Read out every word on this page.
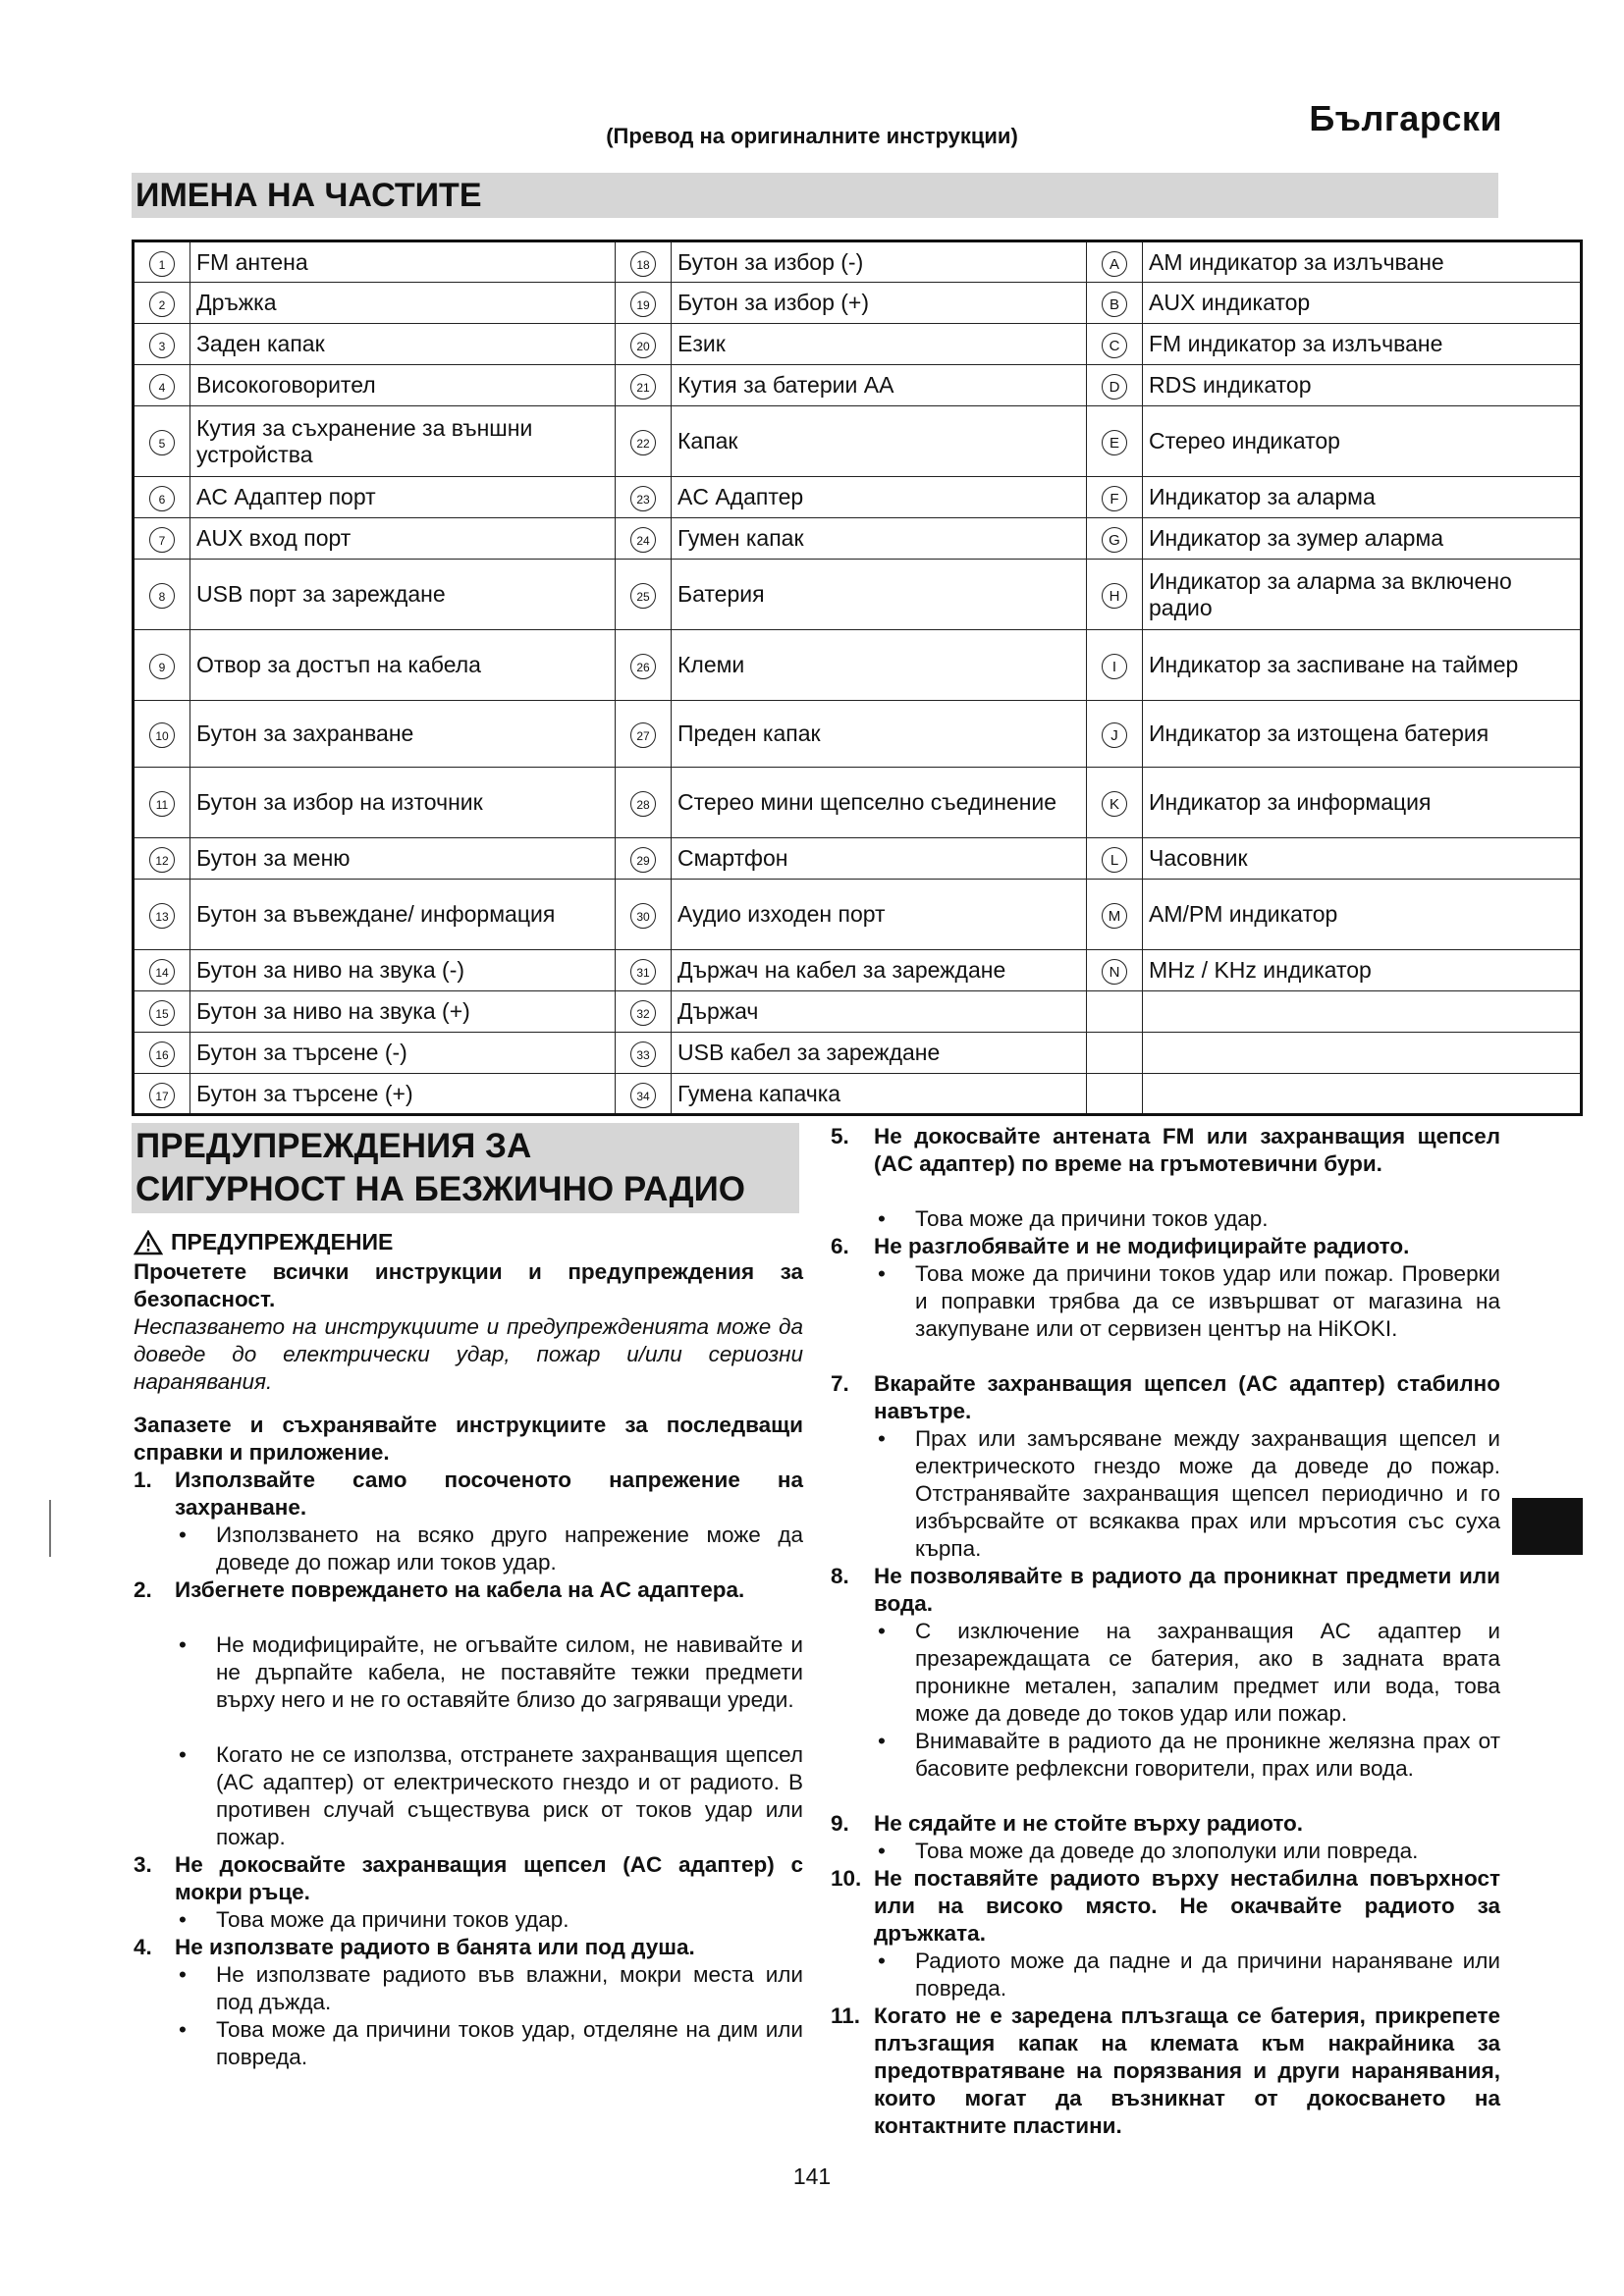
Български
(Превод на оригиналните инструкции)
ИМЕНА НА ЧАСТИТЕ
1	FM антена	18	Бутон за избор (-)	A	AM индикатор за излъчване
2	Дръжка	19	Бутон за избор (+)	B	AUX индикатор
3	Заден капак	20	Език	C	FM индикатор за излъчване
4	Високоговорител	21	Кутия за батерии AA	D	RDS индикатор
5	Кутия за съхранение за външни устройства	22	Капак	E	Стерео индикатор
6	AC Адаптер порт	23	AC Адаптер	F	Индикатор за аларма
7	AUX вход порт	24	Гумен капак	G	Индикатор за зумер аларма
8	USB порт за зареждане	25	Батерия	H	Индикатор за аларма за включено радио
9	Отвор за достъп на кабела	26	Клеми	I	Индикатор за заспиване на таймер
10	Бутон за захранване	27	Преден капак	J	Индикатор за изтощена батерия
11	Бутон за избор на източник	28	Стерео мини щепселно съединение	K	Индикатор за информация
12	Бутон за меню	29	Смартфон	L	Часовник
13	Бутон за въвеждане/ информация	30	Аудио изходен порт	M	AM/PM индикатор
14	Бутон за ниво на звука (-)	31	Държач на кабел за зареждане	N	MHz / KHz индикатор
15	Бутон за ниво на звука (+)	32	Държач		
16	Бутон за търсене (-)	33	USB кабел за зареждане		
17	Бутон за търсене (+)	34	Гумена капачка		
ПРЕДУПРЕЖДЕНИЯ ЗА
СИГУРНОСТ НА БЕЗЖИЧНО РАДИО
ПРЕДУПРЕЖДЕНИЕ
Прочетете всички инструкции и предупреждения за безопасност.
Неспазването на инструкциите и предупрежденията може да доведе до електрически удар, пожар и/или сериозни наранявания.
Запазете и съхранявайте инструкциите за последващи справки и приложение.
1. Използвайте само посоченото напрежение на захранване.
• Използването на всяко друго напрежение може да доведе до пожар или токов удар.
2. Избегнете повреждането на кабела на AC адаптера.
• Не модифицирайте, не огъвайте силом, не навивайте и не дърпайте кабела, не поставяйте тежки предмети върху него и не го оставяйте близо до загряващи уреди.
• Когато не се използва, отстранете захранващия щепсел (AC адаптер) от електрическото гнездо и от радиото. В противен случай съществува риск от токов удар или пожар.
3. Не докосвайте захранващия щепсел (AC адаптер) с мокри ръце.
• Това може да причини токов удар.
4. Не използвате радиото в банята или под душа.
• Не използвате радиото във влажни, мокри места или под дъжда.
• Това може да причини токов удар, отделяне на дим или повреда.
5. Не докосвайте антената FM или захранващия щепсел (AC адаптер) по време на гръмотевични бури.
• Това може да причини токов удар.
6. Не разглобявайте и не модифицирайте радиото.
• Това може да причини токов удар или пожар. Проверки и поправки трябва да се извършват от магазина на закупуване или от сервизен център на HiKOKI.
7. Вкарайте захранващия щепсел (AC адаптер) стабилно навътре.
• Прах или замърсяване между захранващия щепсел и електрическото гнездо може да доведе до пожар. Отстранявайте захранващия щепсел периодично и го избърсвайте от всякаква прах или мръсотия със суха кърпа.
8. Не позволявайте в радиото да проникнат предмети или вода.
• С изключение на захранващия AC адаптер и презареждащата се батерия, ако в задната врата проникне метален, запалим предмет или вода, това може да доведе до токов удар или пожар.
• Внимавайте в радиото да не проникне желязна прах от басовите рефлексни говорители, прах или вода.
9. Не сядайте и не стойте върху радиото.
• Това може да доведе до злополуки или повреда.
10. Не поставяйте радиото върху нестабилна повърхност или на високо място. Не окачвайте радиото за дръжката.
• Радиото може да падне и да причини нараняване или повреда.
11. Когато не е заредена плъзгаща се батерия, прикрепете плъзгащия капак на клемата към накрайника за предотвратяване на порязвания и други наранявания, които могат да възникнат от докосването на контактните пластини.
141
